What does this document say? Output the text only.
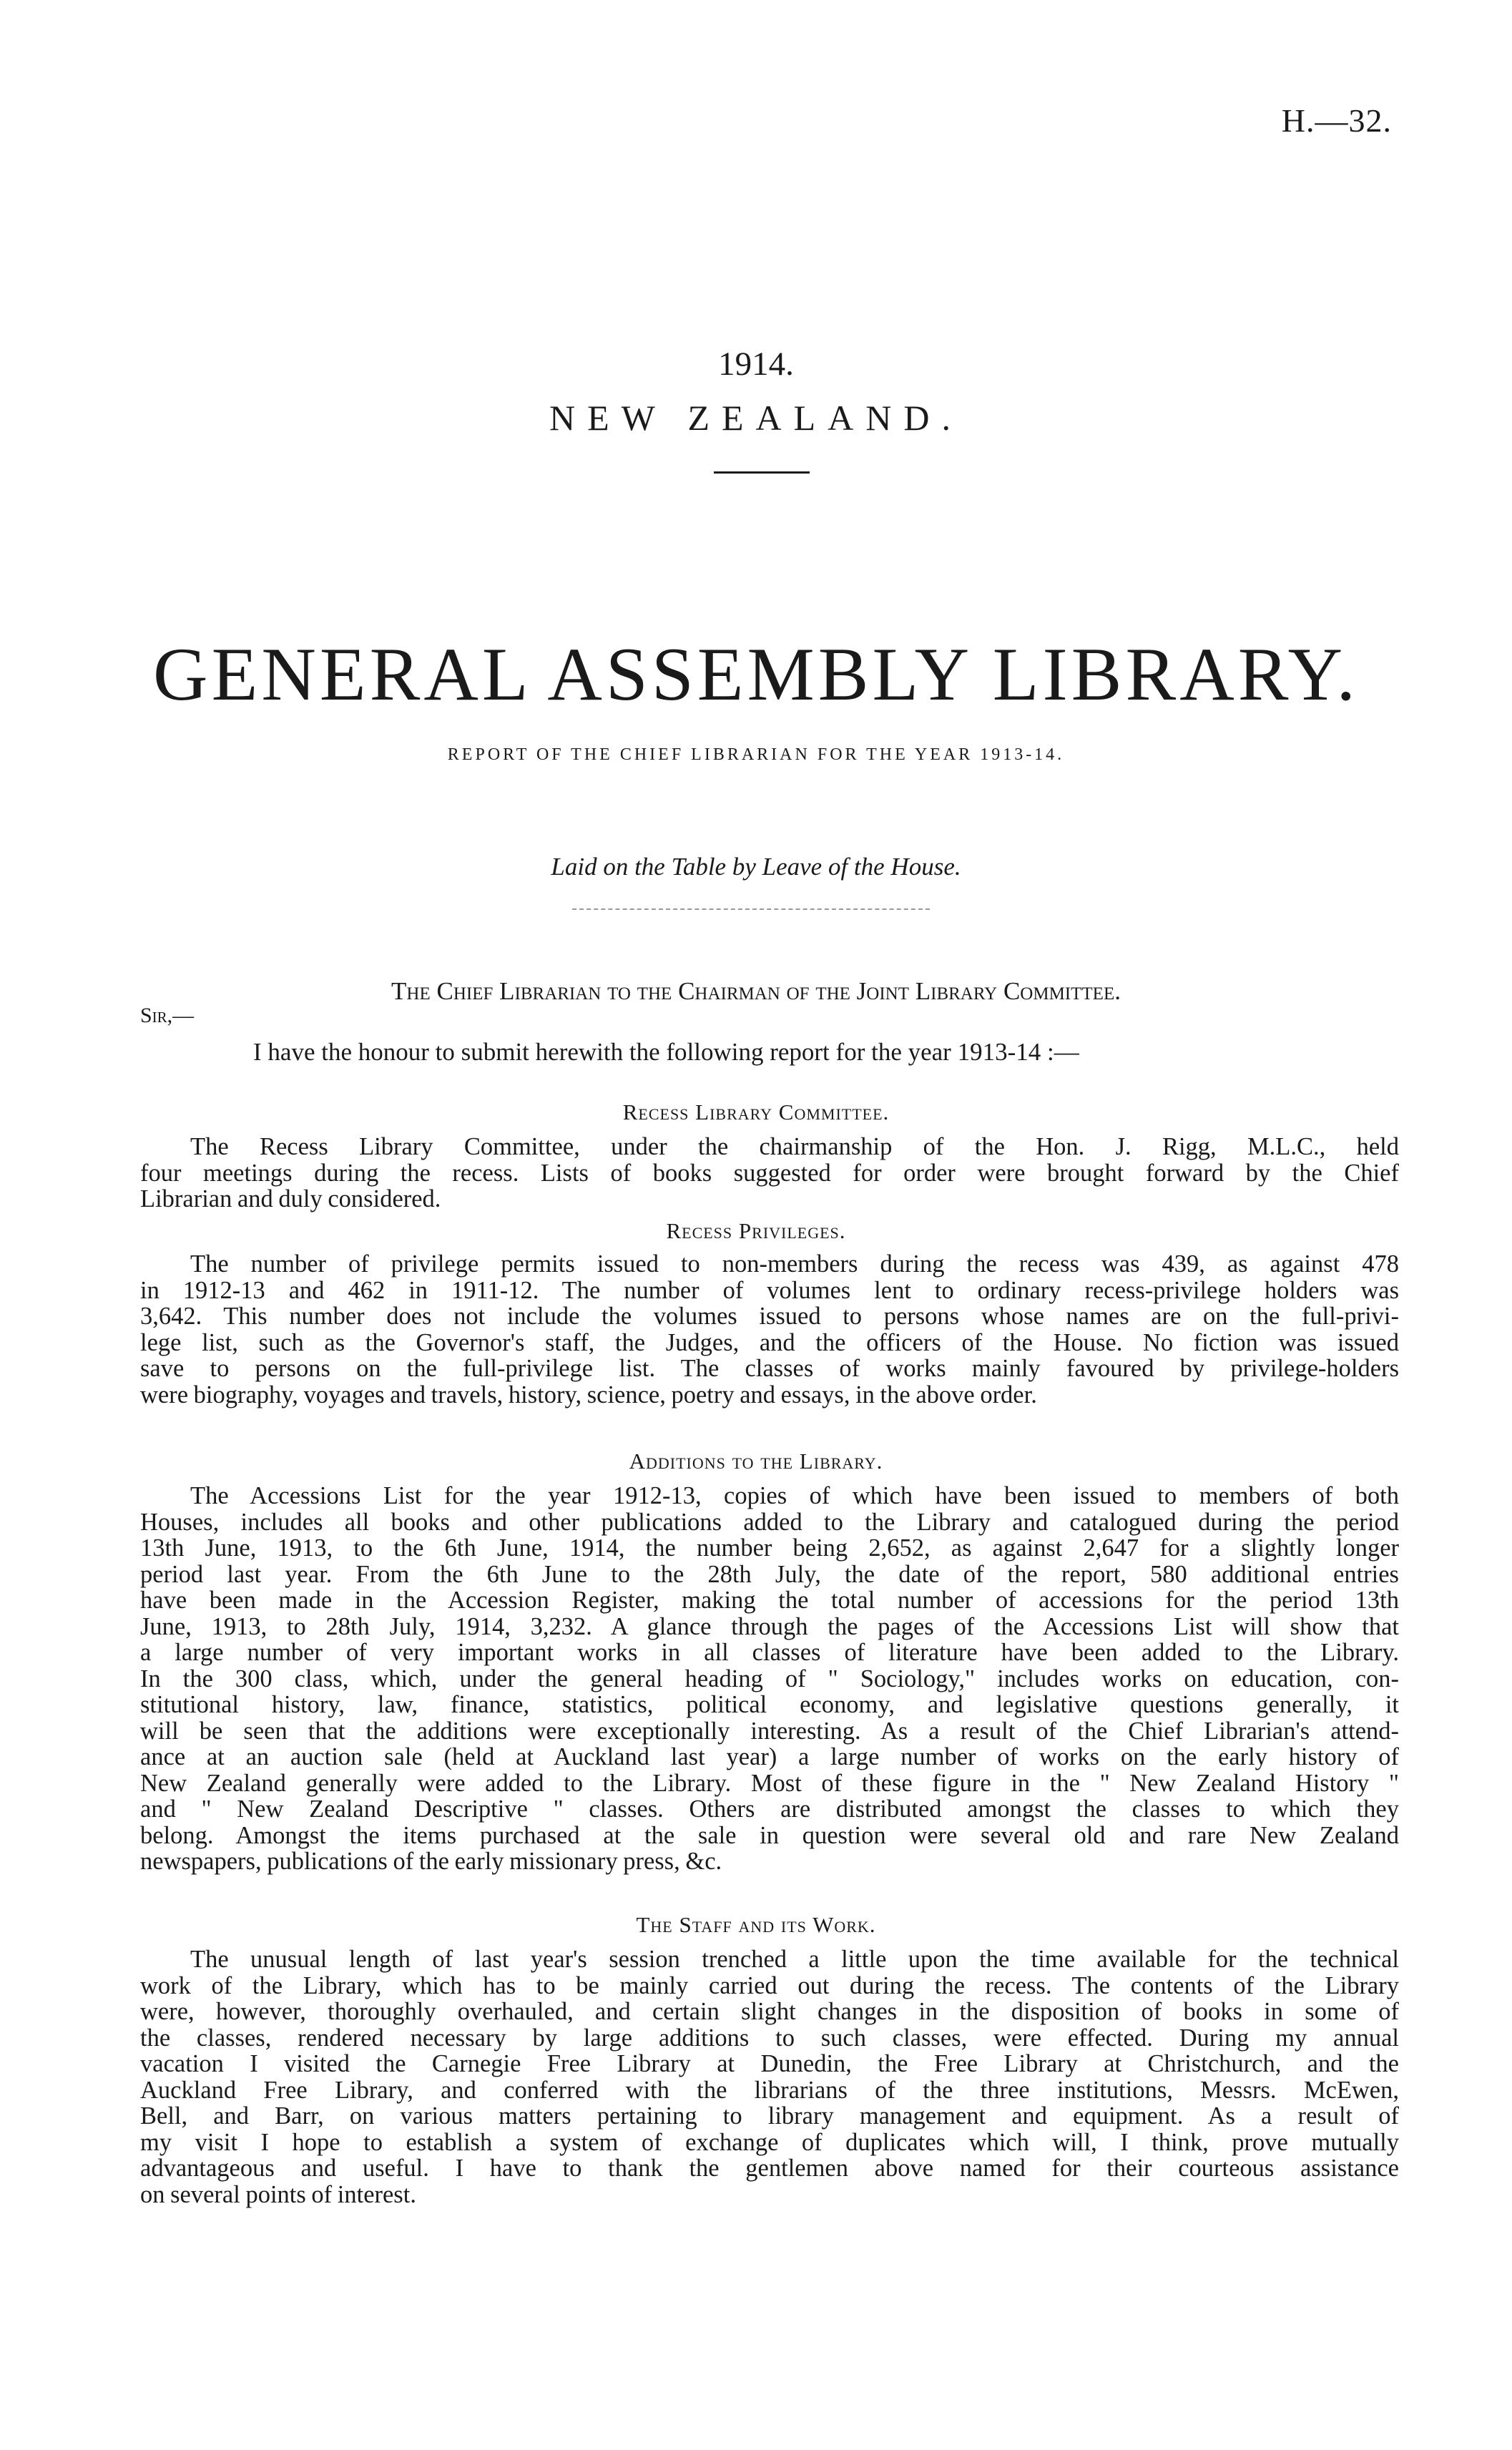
H.—32.
1914.
NEW ZEALAND.
GENERAL ASSEMBLY LIBRARY.
REPORT OF THE CHIEF LIBRARIAN FOR THE YEAR 1913-14.
Laid on the Table by Leave of the House.
The Chief Librarian to the Chairman of the Joint Library Committee.
Sir,—
I have the honour to submit herewith the following report for the year 1913-14 :—
Recess Library Committee.
The Recess Library Committee, under the chairmanship of the Hon. J. Rigg, M.L.C., held
four meetings during the recess. Lists of books suggested for order were brought forward by the Chief
Librarian and duly considered.
Recess Privileges.
The number of privilege permits issued to non-members during the recess was 439, as against 478
in 1912-13 and 462 in 1911-12. The number of volumes lent to ordinary recess-privilege holders was
3,642. This number does not include the volumes issued to persons whose names are on the full-privi-
lege list, such as the Governor's staff, the Judges, and the officers of the House. No fiction was issued
save to persons on the full-privilege list. The classes of works mainly favoured by privilege-holders
were biography, voyages and travels, history, science, poetry and essays, in the above order.
Additions to the Library.
The Accessions List for the year 1912-13, copies of which have been issued to members of both
Houses, includes all books and other publications added to the Library and catalogued during the period
13th June, 1913, to the 6th June, 1914, the number being 2,652, as against 2,647 for a slightly longer
period last year. From the 6th June to the 28th July, the date of the report, 580 additional entries
have been made in the Accession Register, making the total number of accessions for the period 13th
June, 1913, to 28th July, 1914, 3,232. A glance through the pages of the Accessions List will show that
a large number of very important works in all classes of literature have been added to the Library.
In the 300 class, which, under the general heading of " Sociology," includes works on education, con-
stitutional history, law, finance, statistics, political economy, and legislative questions generally, it
will be seen that the additions were exceptionally interesting. As a result of the Chief Librarian's attend-
ance at an auction sale (held at Auckland last year) a large number of works on the early history of
New Zealand generally were added to the Library. Most of these figure in the " New Zealand History "
and " New Zealand Descriptive " classes. Others are distributed amongst the classes to which they
belong. Amongst the items purchased at the sale in question were several old and rare New Zealand
newspapers, publications of the early missionary press, &c.
The Staff and its Work.
The unusual length of last year's session trenched a little upon the time available for the technical
work of the Library, which has to be mainly carried out during the recess. The contents of the Library
were, however, thoroughly overhauled, and certain slight changes in the disposition of books in some of
the classes, rendered necessary by large additions to such classes, were effected. During my annual
vacation I visited the Carnegie Free Library at Dunedin, the Free Library at Christchurch, and the
Auckland Free Library, and conferred with the librarians of the three institutions, Messrs. McEwen,
Bell, and Barr, on various matters pertaining to library management and equipment. As a result of
my visit I hope to establish a system of exchange of duplicates which will, I think, prove mutually
advantageous and useful. I have to thank the gentlemen above named for their courteous assistance
on several points of interest.
